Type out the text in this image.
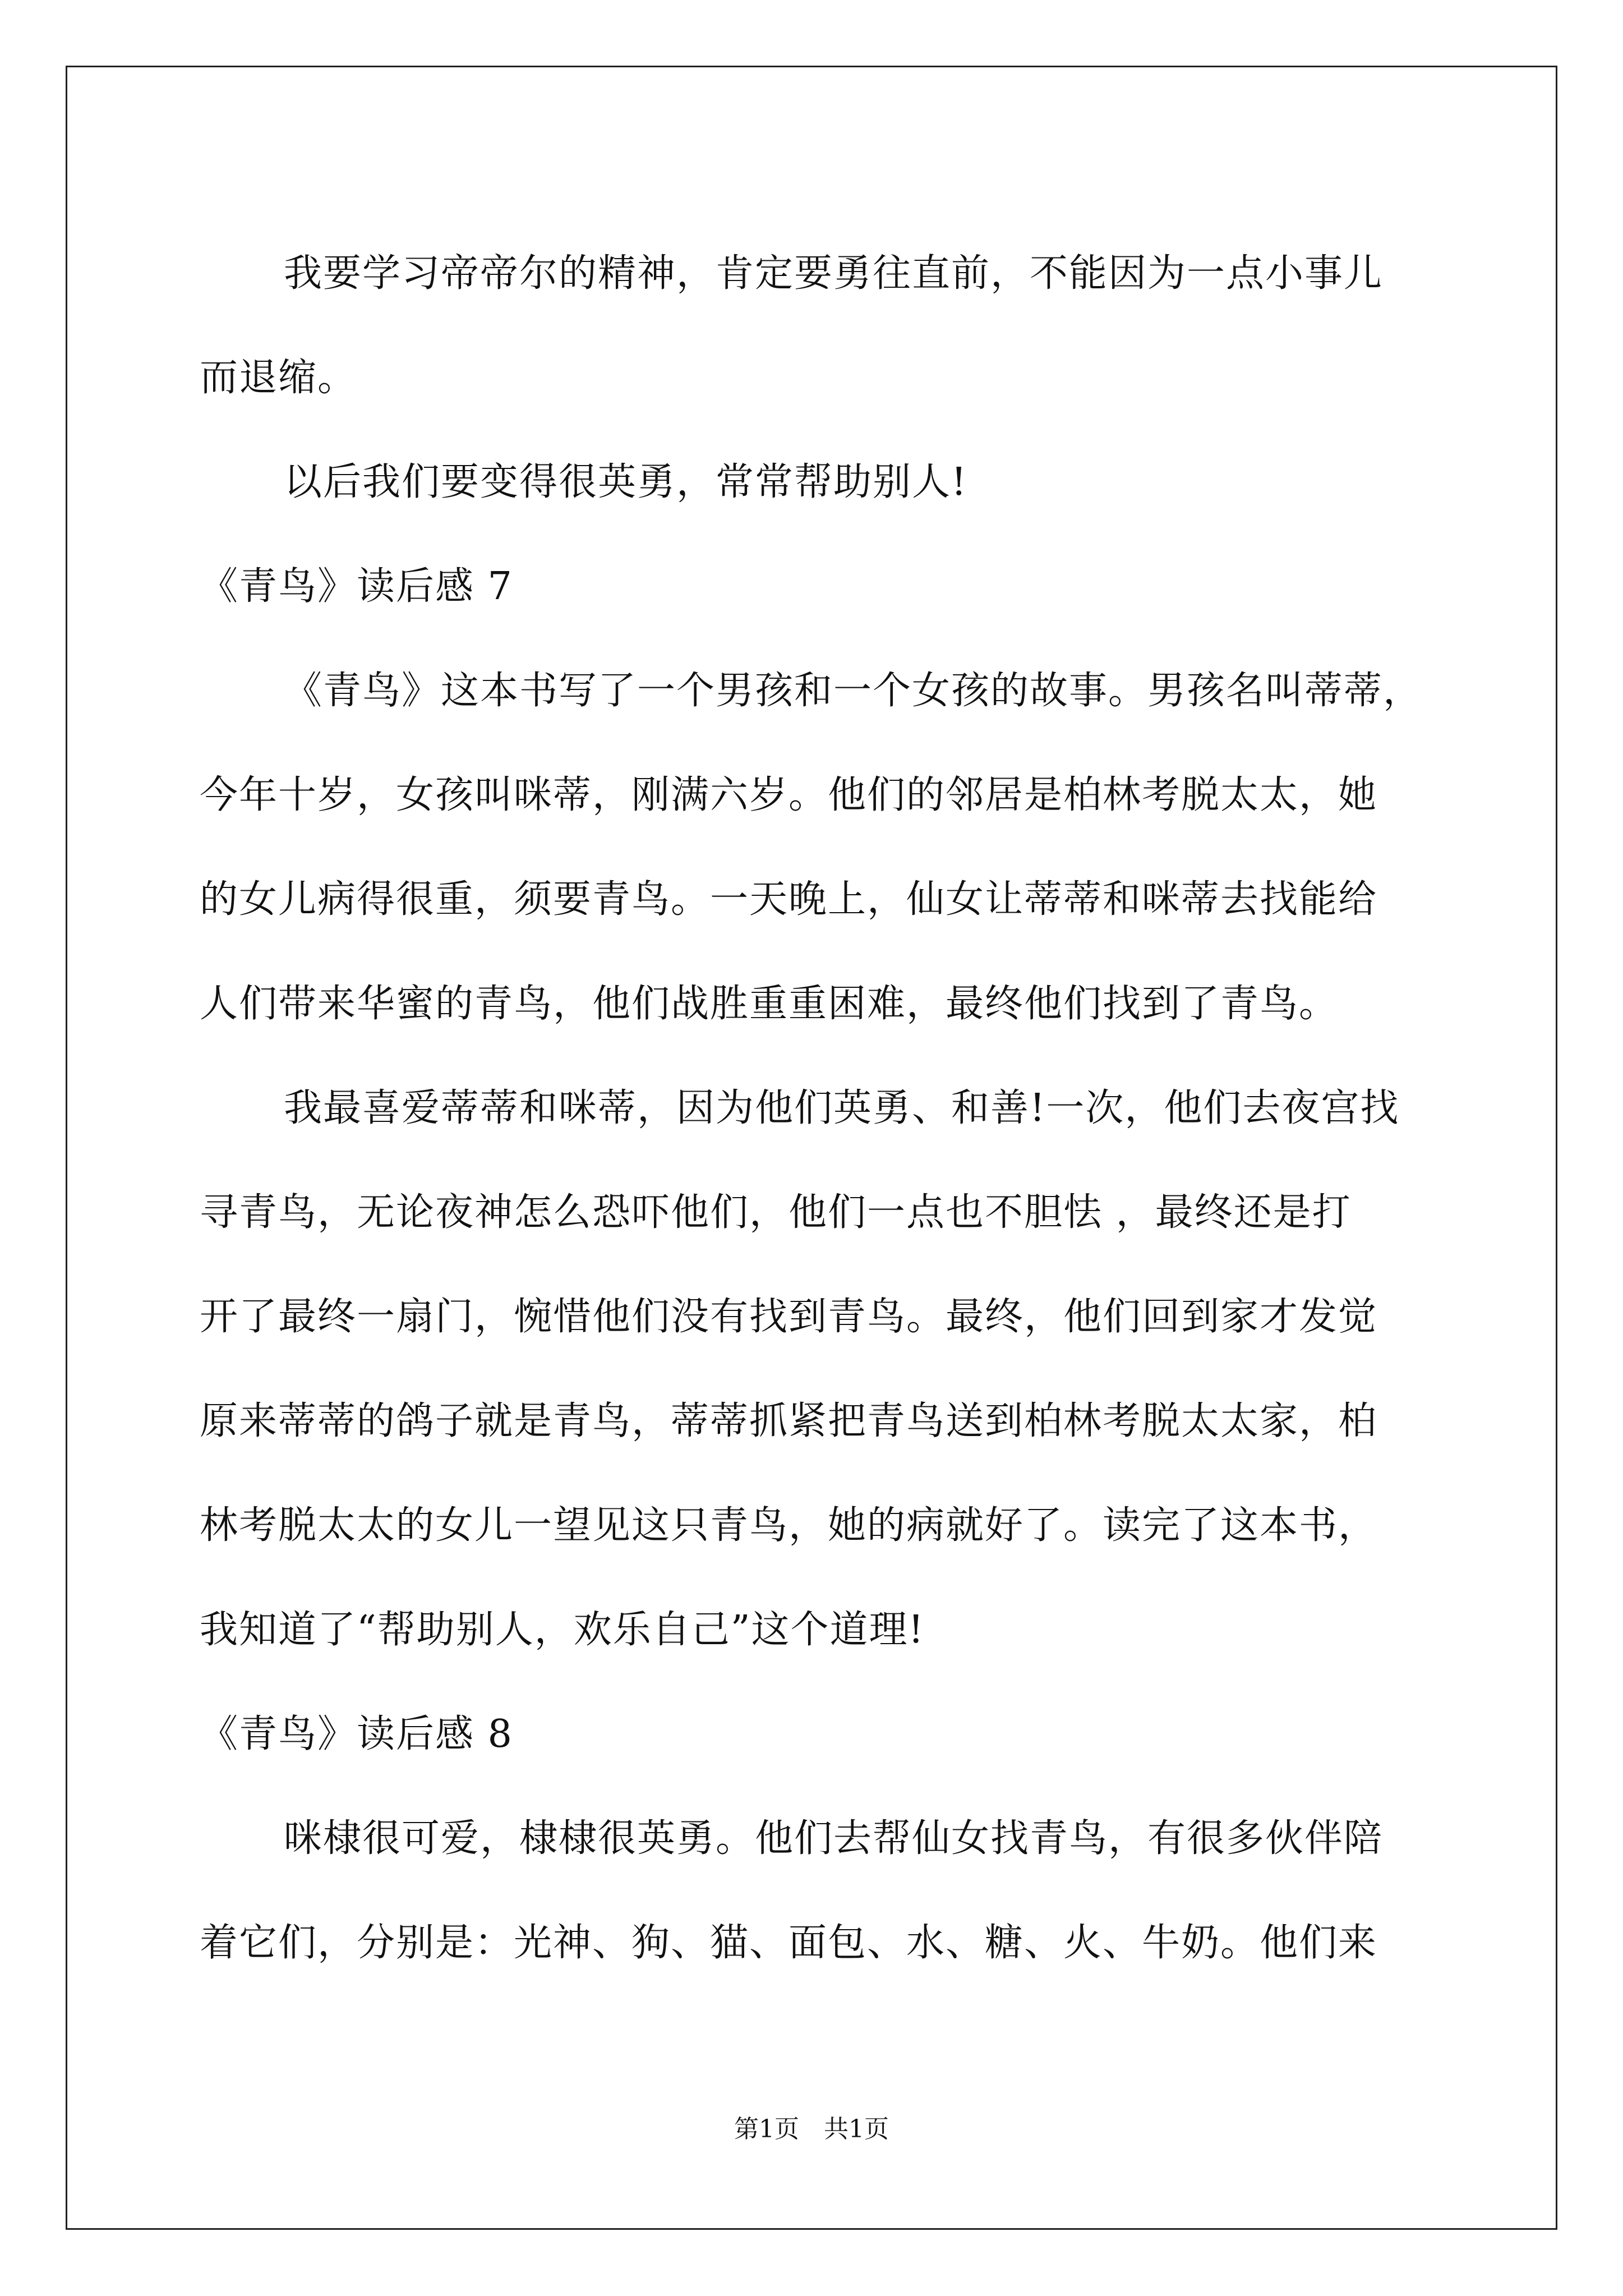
我要学习帝帝尔的精神，肯定要勇往直前，不能因为一点小事儿
而退缩。
以后我们要变得很英勇，常常帮助别人!
《青鸟》读后感 7
《青鸟》这本书写了一个男孩和一个女孩的故事。男孩名叫蒂蒂，
今年十岁，女孩叫咪蒂，刚满六岁。他们的邻居是柏林考脱太太，她
的女儿病得很重，须要青鸟。一天晚上，仙女让蒂蒂和咪蒂去找能给
人们带来华蜜的青鸟，他们战胜重重困难，最终他们找到了青鸟。
我最喜爱蒂蒂和咪蒂，因为他们英勇、和善!一次，他们去夜宫找
寻青鸟，无论夜神怎么恐吓他们，他们一点也不胆怯 ，最终还是打
开了最终一扇门，惋惜他们没有找到青鸟。最终，他们回到家才发觉
原来蒂蒂的鸽子就是青鸟，蒂蒂抓紧把青鸟送到柏林考脱太太家，柏
林考脱太太的女儿一望见这只青鸟，她的病就好了。读完了这本书，
我知道了“帮助别人，欢乐自己”这个道理!
《青鸟》读后感 8
咪棣很可爱，棣棣很英勇。他们去帮仙女找青鸟，有很多伙伴陪
着它们，分别是：光神、狗、猫、面包、水、糖、火、牛奶。他们来
第1页 共1页
